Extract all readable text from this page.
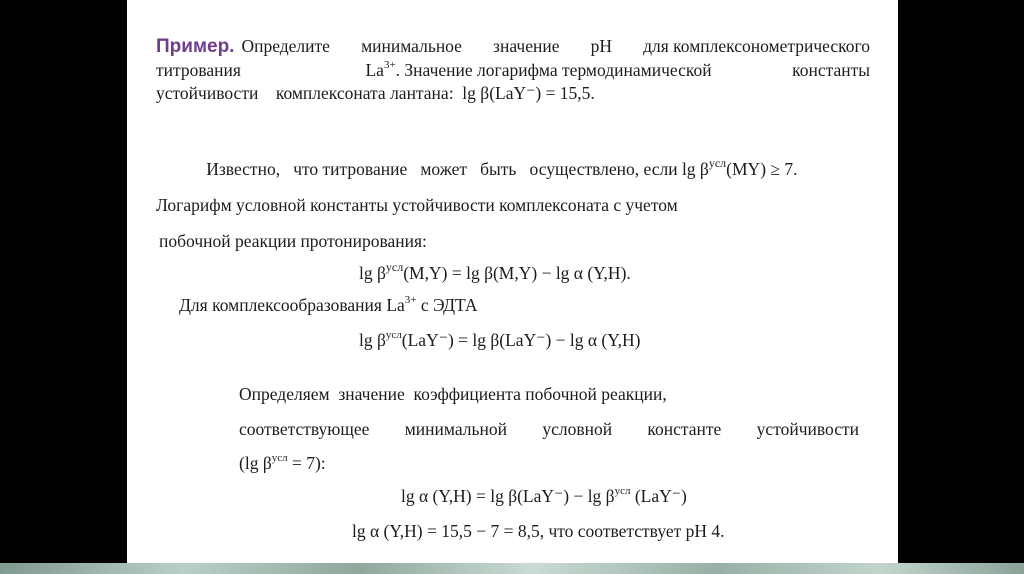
Пример. Определите минимальное значение pH для комплексонометрического
титрования	$La^{3+}$. Значение логарифма термодинамической	константы
устойчивости    комплексоната лантана:  lg β(LaY⁻) = 15,5.

Известно,   что титрование   может   быть   осуществлено, если $\lg \beta^{усл}(MY) \ge 7$.

Логарифм условной константы устойчивости комплексоната с учетом
побочной реакции протонирования:
$\lg \beta^{усл}(M,Y) = \lg \beta(M,Y) - \lg \alpha$ (Y,H).
Для комплексообразования $La^{3+}$ с ЭДТА
$\lg \beta^{усл}(LaY^-) = \lg \beta(LaY^-) - \lg \alpha$ (Y,H)
Определяем  значение  коэффициента побочной реакции,
соответствующее минимальной условной константе устойчивости
(lg $\beta^{усл} = 7$):
lg α $(Y,H) = \lg \beta(LaY^-) - \lg \beta^{усл}$ (LaY⁻)
lg α (Y,H) = 15,5 − 7 = 8,5, что соответствует pH 4.
